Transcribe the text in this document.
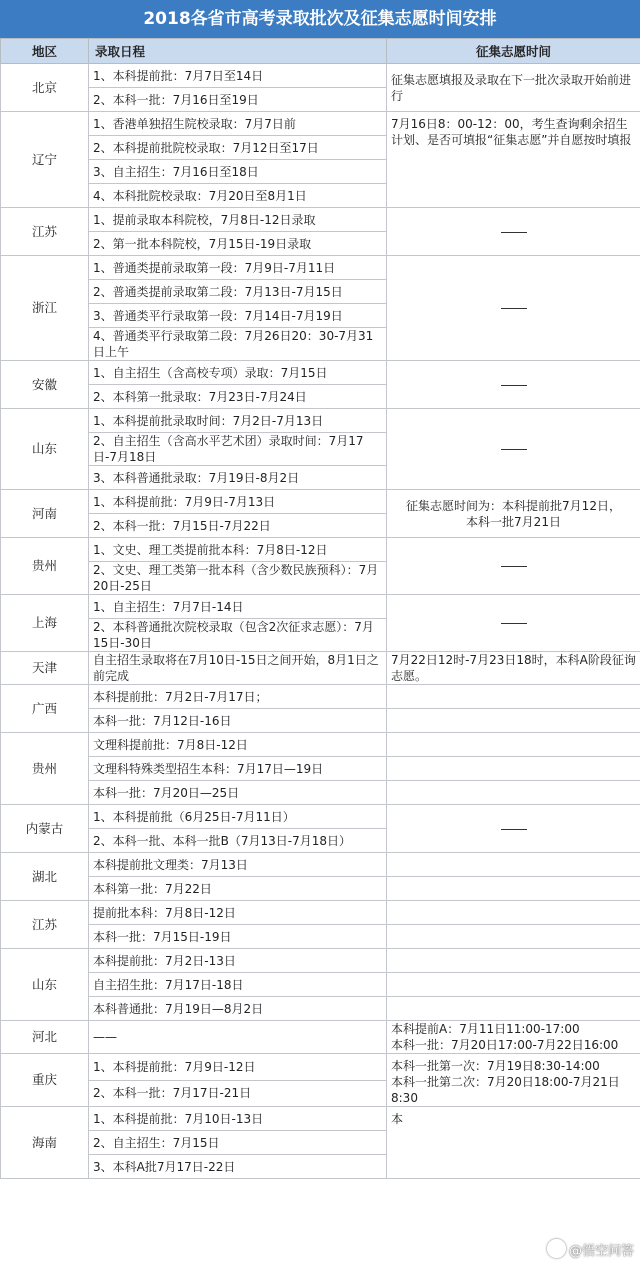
2018各省市高考录取批次及征集志愿时间安排
地区	录取日程	征集志愿时间
北京	1、本科提前批：7月7日至14日	征集志愿填报及录取在下一批次录取开始前进行
	2、本科一批：7月16日至19日	
辽宁	1、香港单独招生院校录取：7月7日前	7月16日8：00-12：00，考生查询剩余招生计划、是否可填报“征集志愿”并自愿按时填报
	2、本科提前批院校录取：7月12日至17日	
	3、自主招生：7月16日至18日	
	4、本科批院校录取：7月20日至8月1日	
江苏	1、提前录取本科院校，7月8日-12日录取	
	2、第一批本科院校，7月15日-19日录取	
浙江	1、普通类提前录取第一段：7月9日-7月11日	
	2、普通类提前录取第二段：7月13日-7月15日	
	3、普通类平行录取第一段：7月14日-7月19日	
	4、普通类平行录取第二段：7月26日20：30-7月31日上午	
安徽	1、自主招生（含高校专项）录取：7月15日	
	2、本科第一批录取：7月23日-7月24日	
山东	1、本科提前批录取时间：7月2日-7月13日	
	2、自主招生（含高水平艺术团）录取时间：7月17日-7月18日	
	3、本科普通批录取：7月19日-8月2日	
河南	1、本科提前批：7月9日-7月13日	征集志愿时间为：本科提前批7月12日，
本科一批7月21日

	2、本科一批：7月15日-7月22日	
贵州	1、文史、理工类提前批本科：7月8日-12日	
	2、文史、理工类第一批本科（含少数民族预科）：7月20日-25日	
上海	1、自主招生：7月7日-14日	
	2、本科普通批次院校录取（包含2次征求志愿）：7月15日-30日	
天津	自主招生录取将在7月10日-15日之间开始，8月1日之前完成	7月22日12时-7月23日18时，本科A阶段征询志愿。
广西	本科提前批：7月2日-7月17日；	
	本科一批：7月12日-16日	
贵州	文理科提前批：7月8日-12日	
	文理科特殊类型招生本科：7月17日—19日	
	本科一批：7月20日—25日	
内蒙古	1、本科提前批（6月25日-7月11日）	
	2、本科一批、本科一批B（7月13日-7月18日）	
湖北	本科提前批文理类：7月13日	
	本科第一批：7月22日	
江苏	提前批本科：7月8日-12日	
	本科一批：7月15日-19日	
山东	本科提前批：7月2日-13日	
	自主招生批：7月17日-18日	
	本科普通批：7月19日—8月2日	
河北	——	本科提前A：7月11日11:00-17:00
本科一批：7月20日17:00-7月22日16:00

重庆	1、本科提前批：7月9日-12日	本科一批第一次：7月19日8:30-14:00
本科一批第二次：7月20日18:00-7月21日
8:30

	2、本科一批：7月17日-21日	
海南	1、本科提前批：7月10日-13日	本
	2、自主招生：7月15日	
	3、本科A批7月17日-22日	
@悟空问答
